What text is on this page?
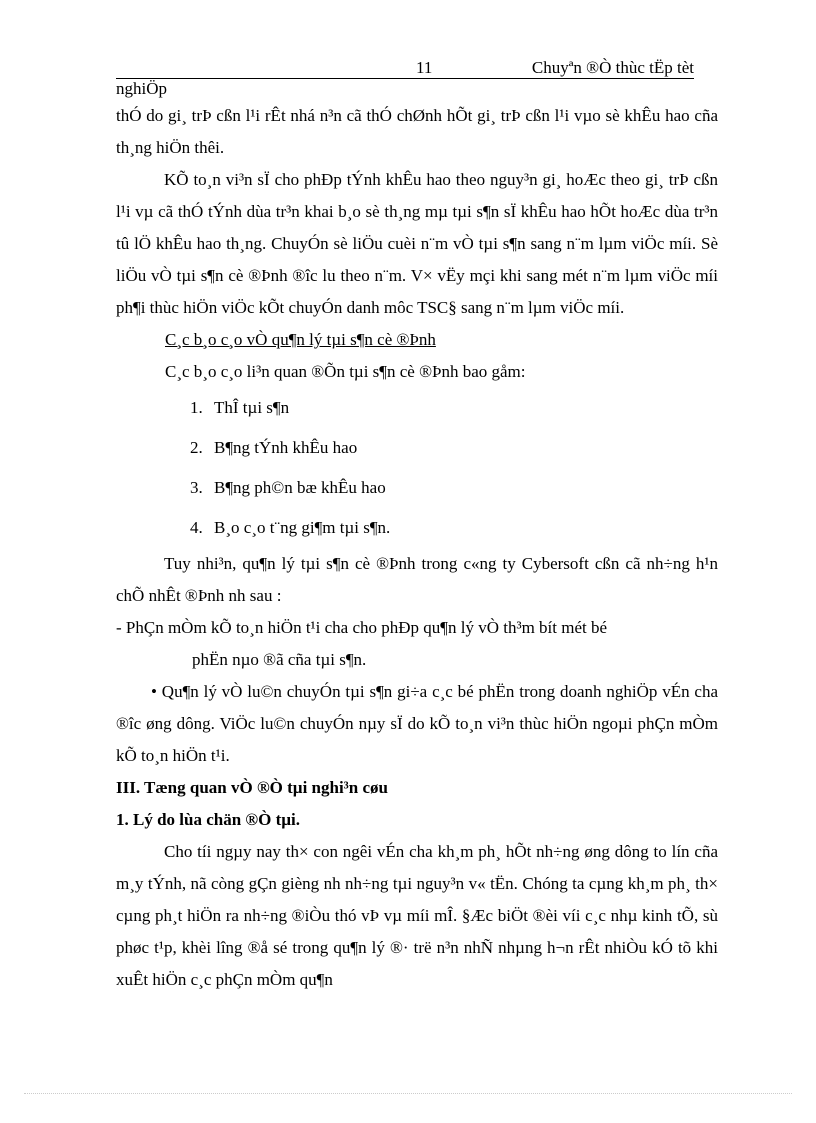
11	Chuyªn ®Ò thùc tËp tèt
nghiÖp

thÓ do gi¸ trÞ cßn l¹i rÊt nhá n³n cã thÓ chØnh hÕt gi¸ trÞ cßn l¹i vµo sè khÊu hao cña th¸ng hiÖn thêi.

KÕ to¸n vi³n sÏ cho phÐp tÝnh khÊu hao theo nguy³n gi¸ hoÆc theo gi¸ trÞ cßn l¹i vµ cã thÓ tÝnh dùa tr³n khai b¸o sè th¸ng mµ tµi s¶n sÏ khÊu hao hÕt hoÆc dùa tr³n tû lÖ khÊu hao th¸ng. ChuyÓn sè liÖu cuèi n¨m vÒ tµi s¶n sang n¨m lµm viÖc míi. Sè liÖu vÒ tµi s¶n cè ®Þnh ®îc lu theo n¨m. V× vËy mçi khi sang mét n¨m lµm viÖc míi ph¶i thùc hiÖn viÖc kÕt chuyÓn danh môc TSC§ sang n¨m lµm viÖc míi.

C¸c b¸o c¸o vÒ qu¶n lý tµi s¶n cè ®Þnh

C¸c b¸o c¸o li³n quan ®Õn tµi s¶n cè ®Þnh bao gåm:

1. ThÎ tµi s¶n
2. B¶ng tÝnh khÊu hao
3. B¶ng ph©n bæ khÊu hao
4. B¸o c¸o t¨ng gi¶m tµi s¶n.

Tuy nhi³n, qu¶n lý tµi s¶n cè ®Þnh trong c«ng ty Cybersoft cßn cã nh÷ng h¹n chÕ nhÊt ®Þnh nh sau :

- PhÇn mÒm kÕ to¸n hiÖn t¹i cha cho phÐp qu¶n lý vÒ th³m bít mét bé
phËn nµo ®ã cña tµi s¶n.

• Qu¶n lý vÒ lu©n chuyÓn tµi s¶n gi÷a c¸c bé phËn trong doanh nghiÖp vÉn cha ®îc øng dông. ViÖc lu©n chuyÓn nµy sÏ do kÕ to¸n vi³n thùc hiÖn ngoµi phÇn mÒm kÕ to¸n hiÖn t¹i.

III. Tæng quan vÒ ®Ò tµi nghi³n cøu

1. Lý do lùa chän ®Ò tµi.

Cho tíi ngµy nay th× con ngêi vÉn cha kh¸m ph¸ hÕt nh÷ng øng dông to lín cña m¸y tÝnh, nã còng gÇn gièng nh nh÷ng tµi nguy³n v« tËn. Chóng ta cµng kh¸m ph¸ th× cµng ph¸t hiÖn ra nh÷ng ®iÒu thó vÞ vµ míi mÎ. §Æc biÖt ®èi víi c¸c nhµ kinh tÕ, sù phøc t¹p, khèi lîng ®å sé trong qu¶n lý ®· trë n³n nhÑ nhµng h¬n rÊt nhiÒu kÓ tõ khi xuÊt hiÖn c¸c phÇn mÒm qu¶n
